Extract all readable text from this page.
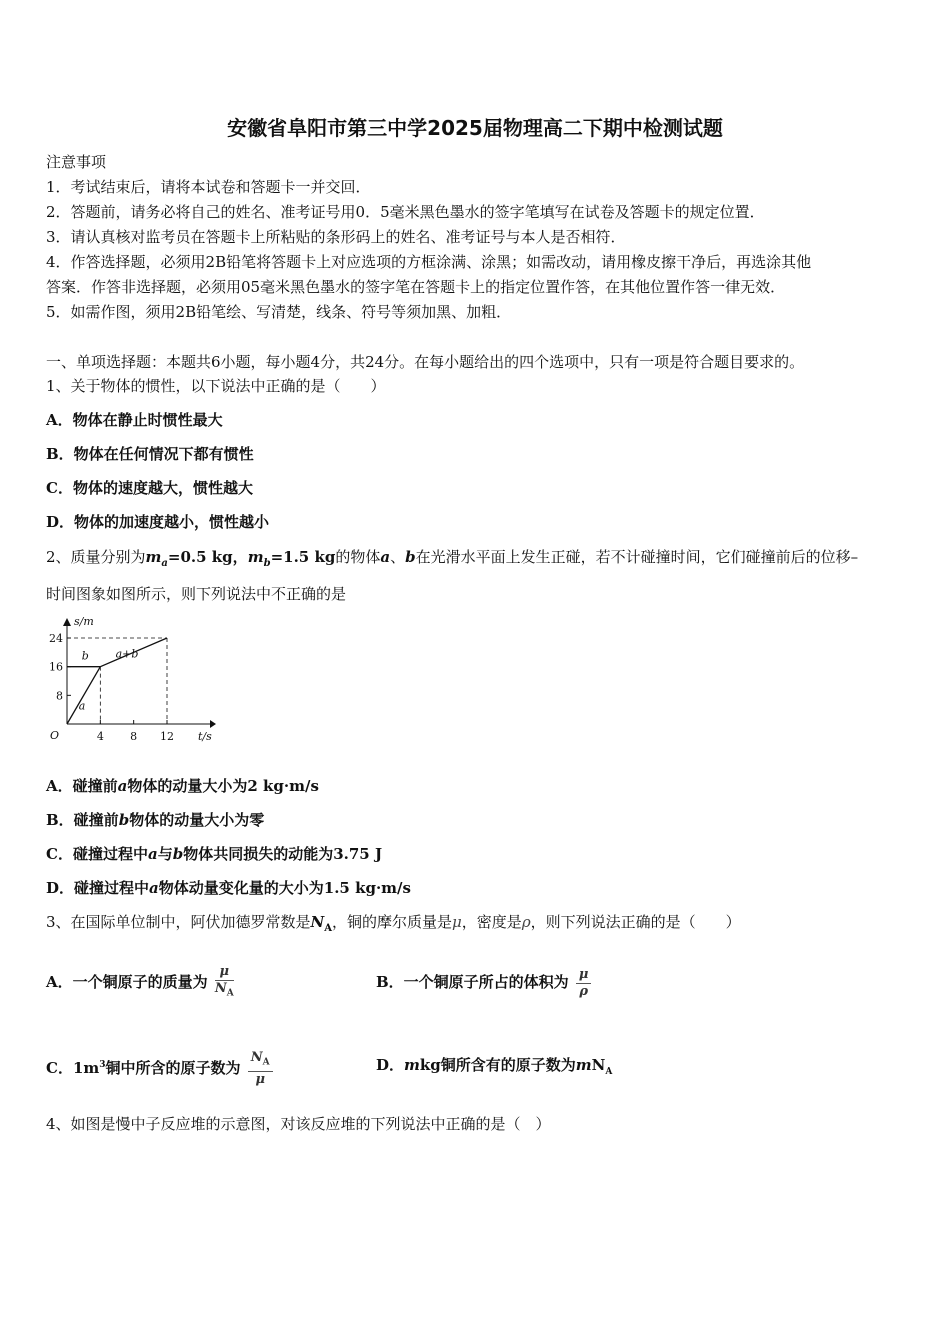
安徽省阜阳市第三中学2025届物理高二下期中检测试题
注意事项
1．考试结束后，请将本试卷和答题卡一并交回．
2．答题前，请务必将自己的姓名、准考证号用0．5毫米黑色墨水的签字笔填写在试卷及答题卡的规定位置．
3．请认真核对监考员在答题卡上所粘贴的条形码上的姓名、准考证号与本人是否相符．
4．作答选择题，必须用2B铅笔将答题卡上对应选项的方框涂满、涂黑；如需改动，请用橡皮擦干净后，再选涂其他
答案．作答非选择题，必须用05毫米黑色墨水的签字笔在答题卡上的指定位置作答，在其他位置作答一律无效．
5．如需作图，须用2B铅笔绘、写清楚，线条、符号等须加黑、加粗．
一、单项选择题：本题共6小题，每小题4分，共24分。在每小题给出的四个选项中，只有一项是符合题目要求的。
1、关于物体的惯性，以下说法中正确的是（　　）
A．物体在静止时惯性最大
B．物体在任何情况下都有惯性
C．物体的速度越大，惯性越大
D．物体的加速度越小，惯性越小
2、质量分别为$m_a=0.5$ kg，$m_b=1.5$ kg的物体a、b在光滑水平面上发生正碰，若不计碰撞时间，它们碰撞前后的位移–
时间图象如图所示，则下列说法中不正确的是
s/m
t/s
O	4 8 12
8
16
24
a
b a+b
A．碰撞前a物体的动量大小为2 kg·m/s
B．碰撞前b物体的动量大小为零
C．碰撞过程中a与b物体共同损失的动能为3.75 J
D．碰撞过程中a物体动量变化量的大小为1.5 kg·m/s
3、在国际单位制中，阿伏加德罗常数是$N_A$，铜的摩尔质量是μ，密度是ρ，则下列说法正确的是（　　）
A．一个铜原子的质量为 $\frac{\mu}{N_A}$	B．一个铜原子所占的体积为 $\frac{\mu}{\rho}$
C．$1m^3$铜中所含的原子数为 $\frac{N_A}{\mu}$	D．mkg铜所含有的原子数为$mN_A$
4、如图是慢中子反应堆的示意图，对该反应堆的下列说法中正确的是（　）
